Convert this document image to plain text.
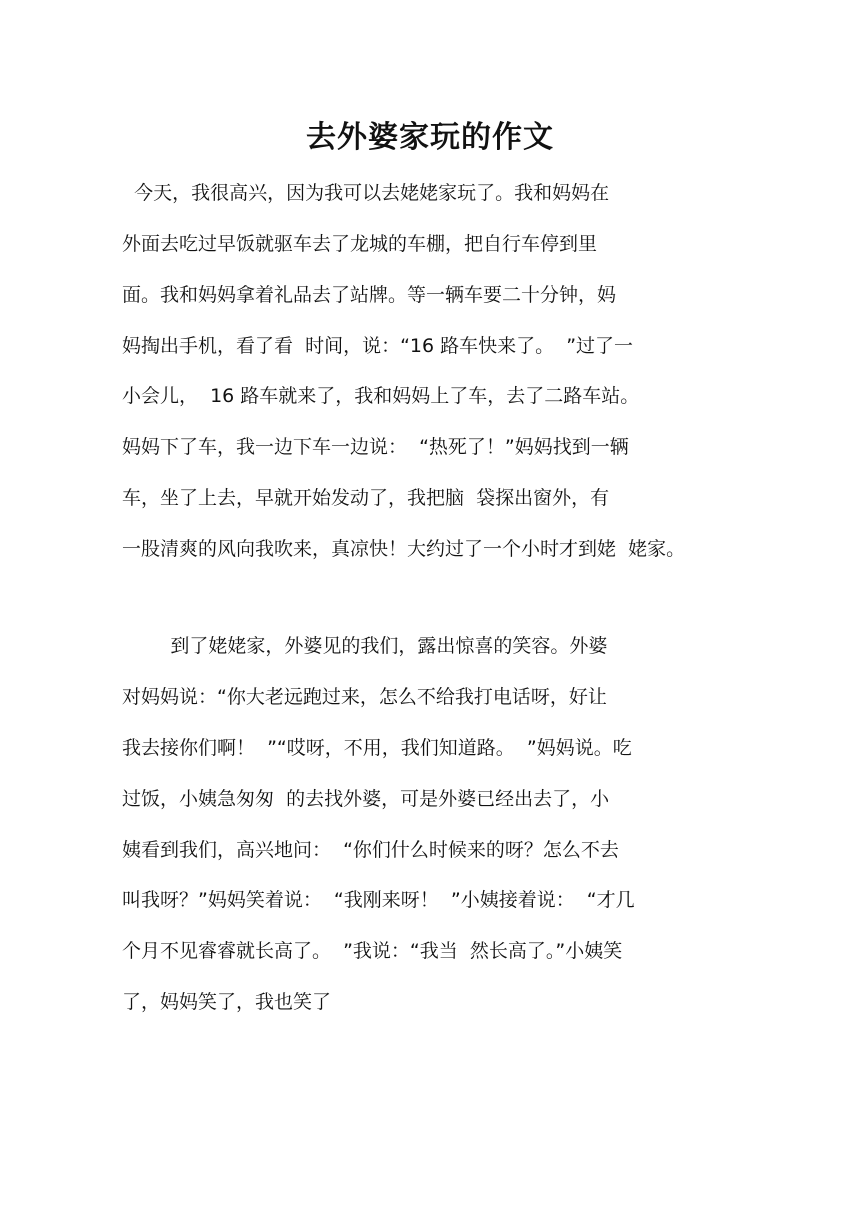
去外婆家玩的作文

今天，我很高兴，因为我可以去姥姥家玩了。我和妈妈在

外面去吃过早饭就驱车去了龙城的车棚，把自行车停到里

面。我和妈妈拿着礼品去了站牌。等一辆车要二十分钟，妈

妈掏出手机，看了看  时间，说：“16 路车快来了。  ”过了一

小会儿，  16 路车就来了，我和妈妈上了车，去了二路车站。

妈妈下了车，我一边下车一边说：  “热死了！”妈妈找到一辆

车，坐了上去，早就开始发动了，我把脑  袋探出窗外，有

一股清爽的风向我吹来，真凉快！大约过了一个小时才到姥  姥家。

到了姥姥家，外婆见的我们，露出惊喜的笑容。外婆

对妈妈说：“你大老远跑过来，怎么不给我打电话呀，好让

我去接你们啊！  ”“哎呀，不用，我们知道路。  ”妈妈说。吃

过饭，小姨急匆匆  的去找外婆，可是外婆已经出去了，小

姨看到我们，高兴地问：  “你们什么时候来的呀？怎么不去

叫我呀？”妈妈笑着说：  “我刚来呀！  ”小姨接着说：  “才几

个月不见睿睿就长高了。  ”我说：“我当  然长高了。”小姨笑

了，妈妈笑了，我也笑了
